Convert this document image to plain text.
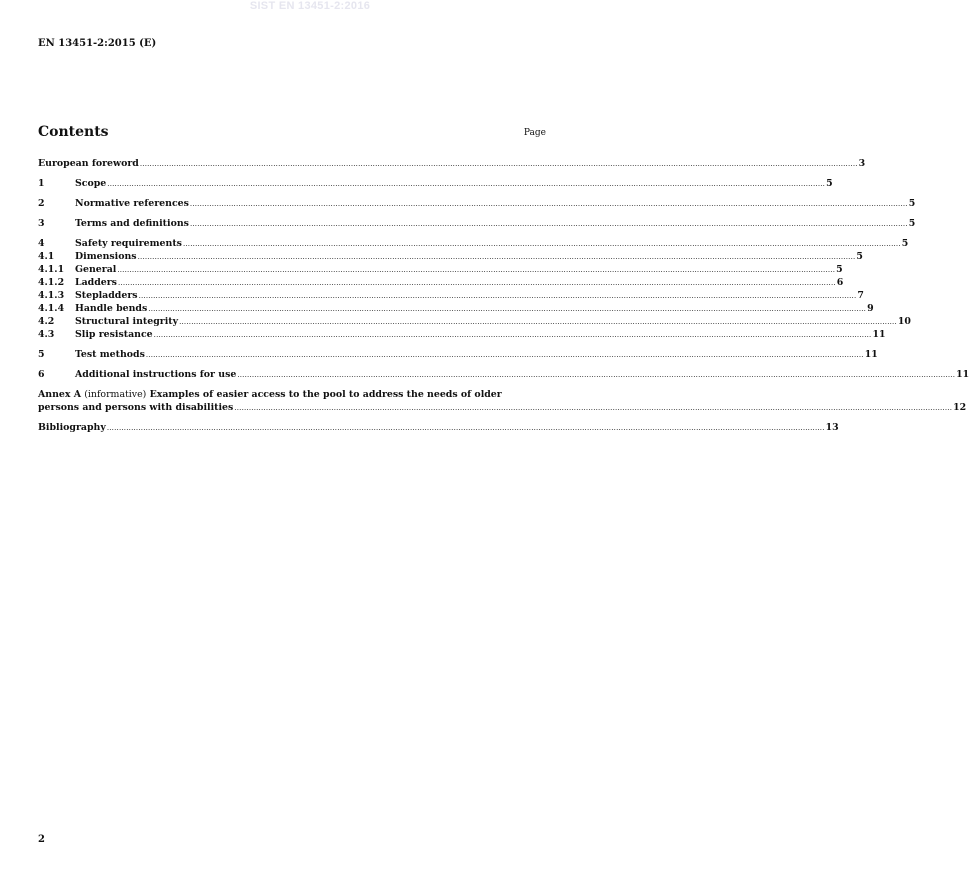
SIST EN 13451-2:2016
EN 13451-2:2015 (E)
Contents	Page
European foreword ........................................................................................................................................................................................................................................................................................................ 3
1	Scope ........................................................................................................................................................................................................................................................................................................ 5
2	Normative references ........................................................................................................................................................................................................................................................................................................ 5
3	Terms and definitions ........................................................................................................................................................................................................................................................................................................ 5
4	Safety requirements ........................................................................................................................................................................................................................................................................................................ 5
4.1	Dimensions ........................................................................................................................................................................................................................................................................................................ 5
4.1.1	General ........................................................................................................................................................................................................................................................................................................ 5
4.1.2	Ladders ........................................................................................................................................................................................................................................................................................................ 6
4.1.3	Stepladders ........................................................................................................................................................................................................................................................................................................ 7
4.1.4	Handle bends ........................................................................................................................................................................................................................................................................................................ 9
4.2	Structural integrity ........................................................................................................................................................................................................................................................................................................ 10
4.3	Slip resistance ........................................................................................................................................................................................................................................................................................................ 11
5	Test methods ........................................................................................................................................................................................................................................................................................................ 11
6	Additional instructions for use ........................................................................................................................................................................................................................................................................................................ 11
Annex A (informative) Examples of easier access to the pool to address the needs of older
persons and persons with disabilities ........................................................................................................................................................................................................................................................................................................ 12
Bibliography ........................................................................................................................................................................................................................................................................................................ 13
2
